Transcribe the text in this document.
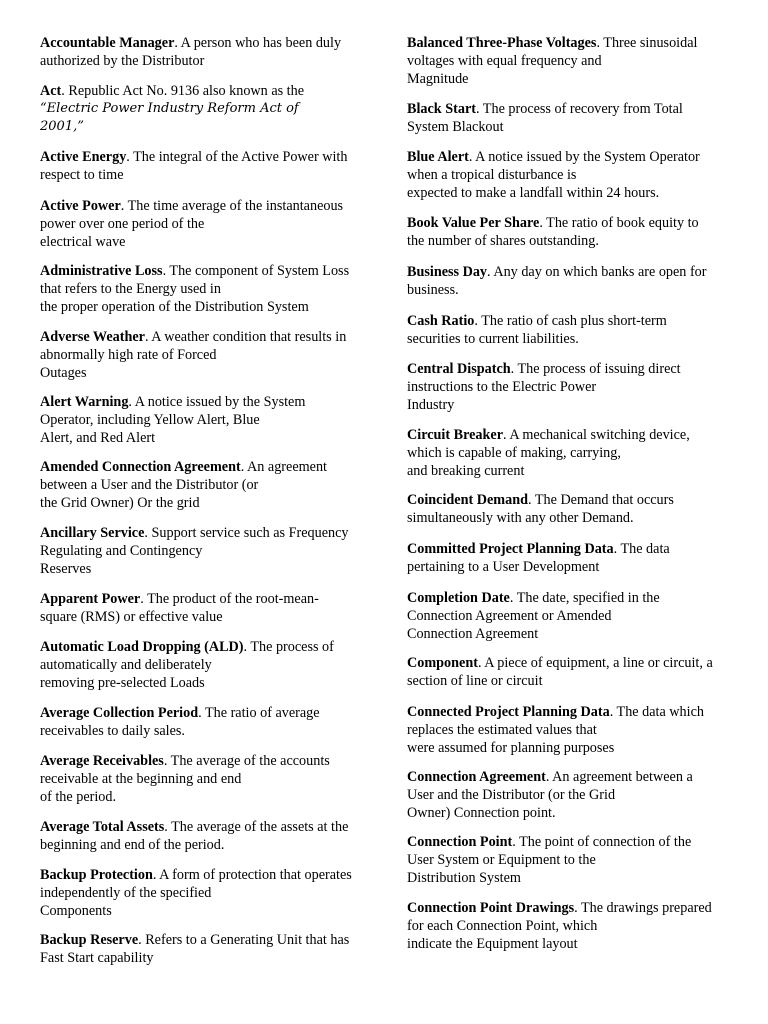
Accountable Manager. A person who has been duly
authorized by the Distributor
Act. Republic Act No. 9136 also known as the
“Electric Power Industry Reform Act of
2001,”
Active Energy. The integral of the Active Power with
respect to time
Active Power. The time average of the instantaneous
power over one period of the
electrical wave
Administrative Loss. The component of System Loss
that refers to the Energy used in
the proper operation of the Distribution System
Adverse Weather. A weather condition that results in
abnormally high rate of Forced
Outages
Alert Warning. A notice issued by the System
Operator, including Yellow Alert, Blue
Alert, and Red Alert
Amended Connection Agreement. An agreement
between a User and the Distributor (or
the Grid Owner) Or the grid
Ancillary Service. Support service such as Frequency
Regulating and Contingency
Reserves
Apparent Power. The product of the root-mean-
square (RMS) or effective value
Automatic Load Dropping (ALD). The process of
automatically and deliberately
removing pre-selected Loads
Average Collection Period. The ratio of average
receivables to daily sales.
Average Receivables. The average of the accounts
receivable at the beginning and end
of the period.
Average Total Assets. The average of the assets at the
beginning and end of the period.
Backup Protection. A form of protection that operates
independently of the specified
Components
Backup Reserve. Refers to a Generating Unit that has
Fast Start capability
Balanced Three-Phase Voltages. Three sinusoidal
voltages with equal frequency and
Magnitude
Black Start. The process of recovery from Total
System Blackout
Blue Alert. A notice issued by the System Operator
when a tropical disturbance is
expected to make a landfall within 24 hours.
Book Value Per Share. The ratio of book equity to
the number of shares outstanding.
Business Day. Any day on which banks are open for
business.
Cash Ratio. The ratio of cash plus short-term
securities to current liabilities.
Central Dispatch. The process of issuing direct
instructions to the Electric Power
Industry
Circuit Breaker. A mechanical switching device,
which is capable of making, carrying,
and breaking current
Coincident Demand. The Demand that occurs
simultaneously with any other Demand.
Committed Project Planning Data. The data
pertaining to a User Development
Completion Date. The date, specified in the
Connection Agreement or Amended
Connection Agreement
Component. A piece of equipment, a line or circuit, a
section of line or circuit
Connected Project Planning Data. The data which
replaces the estimated values that
were assumed for planning purposes
Connection Agreement. An agreement between a
User and the Distributor (or the Grid
Owner) Connection point.
Connection Point. The point of connection of the
User System or Equipment to the
Distribution System
Connection Point Drawings. The drawings prepared
for each Connection Point, which
indicate the Equipment layout
